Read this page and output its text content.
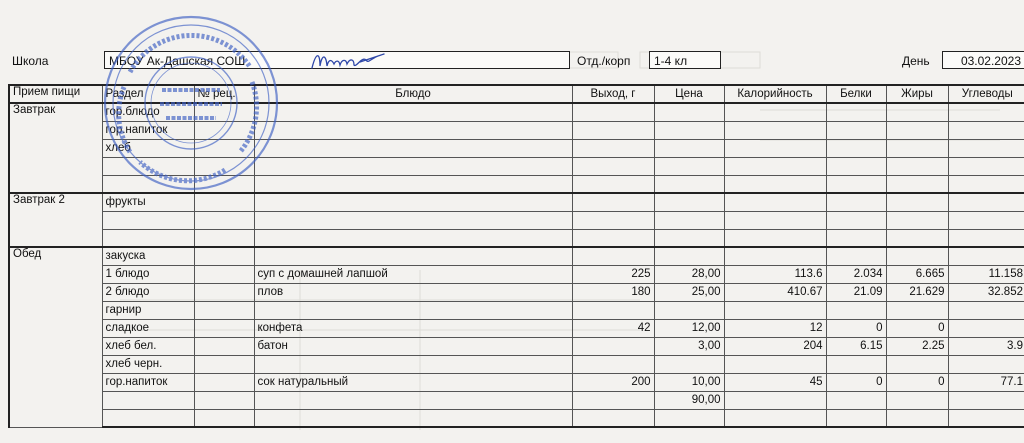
Школа	МБОУ Ак-Дашская СОШ	Отд./корп	1-4 кл	День	03.02.2023
Прием пищи	Раздел	№ рец.	Блюдо	Выход, г	Цена	Калорийность	Белки	Жиры	Углеводы
Завтрак	гор.блюдо								
	гор.напиток								
	хлеб								

Завтрак 2	фрукты								

Обед	закуска								
	1 блюдо		суп с домашней лапшой	225	28,00	113.6	2.034	6.665	11.158
	2 блюдо		плов	180	25,00	410.67	21.09	21.629	32.852
	гарнир								
	сладкое		конфета	42	12,00	12	0	0	
	хлеб бел.		батон		3,00	204	6.15	2.25	3.9
	хлеб черн.								
	гор.напиток		сок натуральный	200	10,00	45	0	0	77.1
					90,00				
